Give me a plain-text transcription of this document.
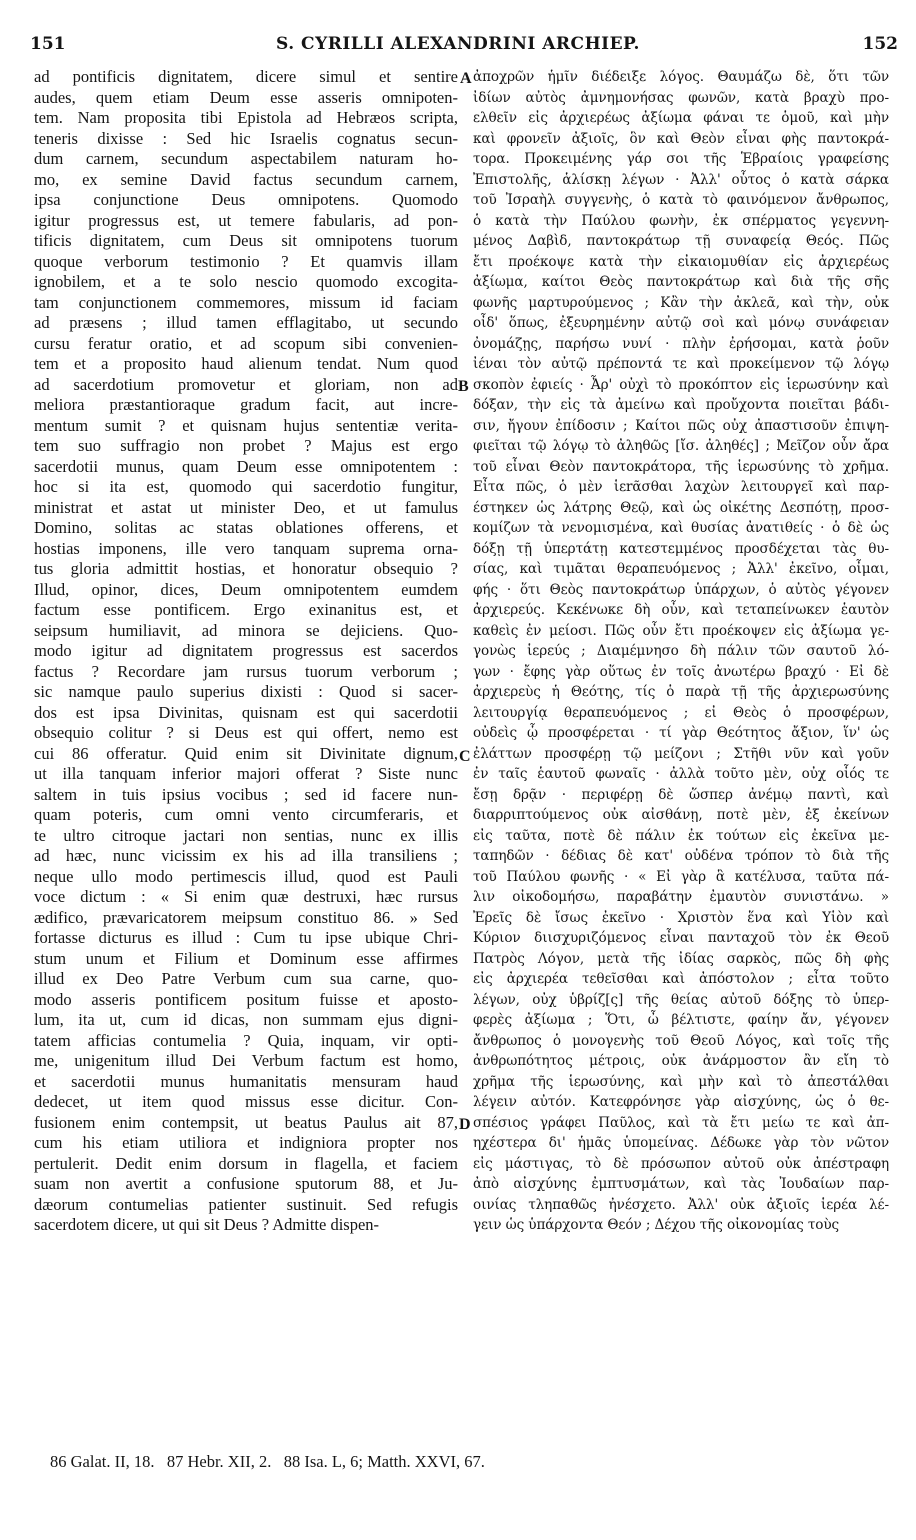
151	S. CYRILLI ALEXANDRINI ARCHIEP.	152
ad pontificis dignitatem, dicere simul et sentire
audes, quem etiam Deum esse asseris omnipoten-
tem. Nam proposita tibi Epistola ad Hebræos scripta,
teneris dixisse : Sed hic Israelis cognatus secun-
dum carnem, secundum aspectabilem naturam ho-
mo, ex semine David factus secundum carnem,
ipsa conjunctione Deus omnipotens. Quomodo
igitur progressus est, ut temere fabularis, ad pon-
tificis dignitatem, cum Deus sit omnipotens tuorum
quoque verborum testimonio ? Et quamvis illam
ignobilem, et a te solo nescio quomodo excogita-
tam conjunctionem commemores, missum id faciam
ad præsens ; illud tamen efflagitabo, ut secundo
cursu feratur oratio, et ad scopum sibi convenien-
tem et a proposito haud alienum tendat. Num quod
ad sacerdotium promovetur et gloriam, non ad
meliora præstantioraque gradum facit, aut incre-
mentum sumit ? et quisnam hujus sententiæ verita-
tem suo suffragio non probet ? Majus est ergo
sacerdotii munus, quam Deum esse omnipotentem :
hoc si ita est, quomodo qui sacerdotio fungitur,
ministrat et astat ut minister Deo, et ut famulus
Domino, solitas ac statas oblationes offerens, et
hostias imponens, ille vero tanquam suprema orna-
tus gloria admittit hostias, et honoratur obsequio ?
Illud, opinor, dices, Deum omnipotentem eumdem
factum esse pontificem. Ergo exinanitus est, et
seipsum humiliavit, ad minora se dejiciens. Quo-
modo igitur ad dignitatem progressus est sacerdos
factus ? Recordare jam rursus tuorum verborum ;
sic namque paulo superius dixisti : Quod si sacer-
dos est ipsa Divinitas, quisnam est qui sacerdotii
obsequio colitur ? si Deus est qui offert, nemo est
cui 86 offeratur. Quid enim sit Divinitate dignum,
ut illa tanquam inferior majori offerat ? Siste nunc
saltem in tuis ipsius vocibus ; sed id facere nun-
quam poteris, cum omni vento circumferaris, et
te ultro citroque jactari non sentias, nunc ex illis
ad hæc, nunc vicissim ex his ad illa transiliens ;
neque ullo modo pertimescis illud, quod est Pauli
voce dictum : « Si enim quæ destruxi, hæc rursus
ædifico, prævaricatorem meipsum constituo 86. » Sed
fortasse dicturus es illud : Cum tu ipse ubique Chri-
stum unum et Filium et Dominum esse affirmes
illud ex Deo Patre Verbum cum sua carne, quo-
modo asseris pontificem positum fuisse et aposto-
lum, ita ut, cum id dicas, non summam ejus digni-
tatem afficias contumelia ? Quia, inquam, vir opti-
me, unigenitum illud Dei Verbum factum est homo,
et sacerdotii munus humanitatis mensuram haud
dedecet, ut item quod missus esse dicitur. Con-
fusionem enim contempsit, ut beatus Paulus ait 87,
cum his etiam utiliora et indigniora propter nos
pertulerit. Dedit enim dorsum in flagella, et faciem
suam non avertit a confusione sputorum 88, et Ju-
dæorum contumelias patienter sustinuit. Sed refugis
sacerdotem dicere, ut qui sit Deus ? Admitte dispen-
ἀποχρῶν ἡμῖν διέδειξε λόγος. Θαυμάζω δὲ, ὅτι τῶν
ἰδίων αὐτὸς ἀμνημονήσας φωνῶν, κατὰ βραχὺ προ-
ελθεῖν εἰς ἀρχιερέως ἀξίωμα φάναι τε ὁμοῦ, καὶ μὴν
καὶ φρονεῖν ἀξιοῖς, ὃν καὶ Θεὸν εἶναι φὴς παντοκρά-
τορα. Προκειμένης γάρ σοι τῆς Ἑβραίοις γραφείσης
Ἐπιστολῆς, ἁλίσκῃ λέγων · Ἀλλ' οὗτος ὁ κατὰ σάρκα
τοῦ Ἰσραὴλ συγγενὴς, ὁ κατὰ τὸ φαινόμενον ἄνθρωπος,
ὁ κατὰ τὴν Παύλου φωνὴν, ἐκ σπέρματος γεγεννη-
μένος Δαβὶδ, παντοκράτωρ τῇ συναφείᾳ Θεός. Πῶς
ἔτι προέκοψε κατὰ τὴν εἰκαιομυθίαν εἰς ἀρχιερέως
ἀξίωμα, καίτοι Θεὸς παντοκράτωρ καὶ διὰ τῆς σῆς
φωνῆς μαρτυρούμενος ; Κἂν τὴν ἀκλεᾶ, καὶ τὴν, οὐκ
οἶδ' ὅπως, ἐξευρημένην αὐτῷ σοὶ καὶ μόνῳ συνάφειαν
ὀνομάζῃς, παρήσω νυνί · πλὴν ἐρήσομαι, κατὰ ῥοῦν
ἰέναι τὸν αὐτῷ πρέποντά τε καὶ προκείμενον τῷ λόγῳ
σκοπὸν ἐφιείς · Ἆρ' οὐχὶ τὸ προκόπτον εἰς ἱερωσύνην καὶ
δόξαν, τὴν εἰς τὰ ἀμείνω καὶ προὔχοντα ποιεῖται βάδι-
σιν, ἤγουν ἐπίδοσιν ; Καίτοι πῶς οὐχ ἀπαστισοῦν ἐπιψη-
φιεῖται τῷ λόγῳ τὸ ἀληθῶς [ἴσ. ἀληθές] ; Μεῖζον οὖν ἄρα
τοῦ εἶναι Θεὸν παντοκράτορα, τῆς ἱερωσύνης τὸ χρῆμα.
Εἶτα πῶς, ὁ μὲν ἱεrᾶσθαι λαχὼν λειτουργεῖ καὶ παρ-
έστηκεν ὡς λάτρης Θεῷ, καὶ ὡς οἰκέτης Δεσπότῃ, προσ-
κομίζων τὰ νενομισμένα, καὶ θυσίας ἀνατιθείς · ὁ δὲ ὡς
δόξῃ τῇ ὑπερτάτῃ κατεστεμμένος προσδέχεται τὰς θυ-
σίας, καὶ τιμᾶται θεραπευόμενος ; Ἀλλ' ἐκεῖνο, οἶμαι,
φής · ὅτι Θεὸς παντοκράτωρ ὑπάρχων, ὁ αὐτὸς γέγονεν
ἀρχιερεύς. Κεκένωκε δὴ οὖν, καὶ τεταπείνωκεν ἑαυτὸν
καθεὶς ἐν μείοσι. Πῶς οὖν ἔτι προέκοψεν εἰς ἀξίωμα γε-
γονὼς ἱερεύς ; Διαμέμνησο δὴ πάλιν τῶν σαυτοῦ λό-
γων · ἔφης γὰρ οὕτως ἐν τοῖς ἀνωτέρω βραχύ · Εἰ δὲ
ἀρχιερεὺς ἡ Θεότης, τίς ὁ παρὰ τῇ τῆς ἀρχιερωσύνης
λειτουργίᾳ θεραπευόμενος ; εἰ Θεὸς ὁ προσφέρων,
οὐδεὶς ᾧ προσφέρεται · τί γὰρ Θεότητος ἄξιον, ἵν' ὡς
ἐλάττων προσφέρῃ τῷ μείζονι ; Στῆθι νῦν καὶ γοῦν
ἐν ταῖς ἑαυτοῦ φωναῖς · ἀλλὰ τοῦτο μὲν, οὐχ οἷός τε
ἔσῃ δρᾷν · περιφέρῃ δὲ ὥσπερ ἀνέμῳ παντὶ, καὶ
διαρριπτούμενος οὐκ αἰσθάνῃ, ποτὲ μὲν, ἐξ ἐκείνων
εἰς ταῦτα, ποτὲ δὲ πάλιν ἐκ τούτων εἰς ἐκεῖνα με-
ταπηδῶν · δέδιας δὲ κατ' οὐδένα τρόπον τὸ διὰ τῆς
τοῦ Παύλου φωνῆς · « Εἰ γὰρ ἃ κατέλυσα, ταῦτα πά-
λιν οἰκοδομήσω, παραβάτην ἐμαυτὸν συνιστάνω. »
Ἐρεῖς δὲ ἴσως ἐκεῖνο · Χριστὸν ἕνα καὶ Υἱὸν καὶ
Κύριον διισχυριζόμενος εἶναι πανταχοῦ τὸν ἐκ Θεοῦ
Πατρὸς Λόγον, μετὰ τῆς ἰδίας σαρκὸς, πῶς δὴ φὴς
εἰς ἀρχιερέα τεθεῖσθαι καὶ ἀπόστολον ; εἶτα τοῦτο
λέγων, οὐχ ὑβρίζ[ς] τῆς θείας αὐτοῦ δόξης τὸ ὑπερ-
φερὲς ἀξίωμα ; Ὅτι, ὦ βέλτιστε, φαίην ἄν, γέγονεν
ἄνθρωπος ὁ μονογενὴς τοῦ Θεοῦ Λόγος, καὶ τοῖς τῆς
ἀνθρωπότητος μέτροις, οὐκ ἀνάρμοστον ἂν εἴη τὸ
χρῆμα τῆς ἱερωσύνης, καὶ μὴν καὶ τὸ ἀπεστάλθαι
λέγειν αὐτόν. Κατεφρόνησε γὰρ αἰσχύνης, ὡς ὁ θε-
σπέσιος γράφει Παῦλος, καὶ τὰ ἔτι μείω τε καὶ ἀπ-
ηχέστερα δι' ἡμᾶς ὑπομείνας. Δέδωκε γὰρ τὸν νῶτον
εἰς μάστιγας, τὸ δὲ πρόσωπον αὐτοῦ οὐκ ἀπέστραφη
ἀπὸ αἰσχύνης ἐμπτυσμάτων, καὶ τὰς Ἰουδαίων παρ-
οινίας τληπαθῶς ἠνέσχετο. Ἀλλ' οὐκ ἀξιοῖς ἱερέα λέ-
γειν ὡς ὑπάρχοντα Θεόν ; Δέχου τῆς οἰκονομίας τοὺς
A
B
C
D
86 Galat. II, 18.   87 Hebr. XII, 2.   88 Isa. L, 6; Matth. XXVI, 67.
